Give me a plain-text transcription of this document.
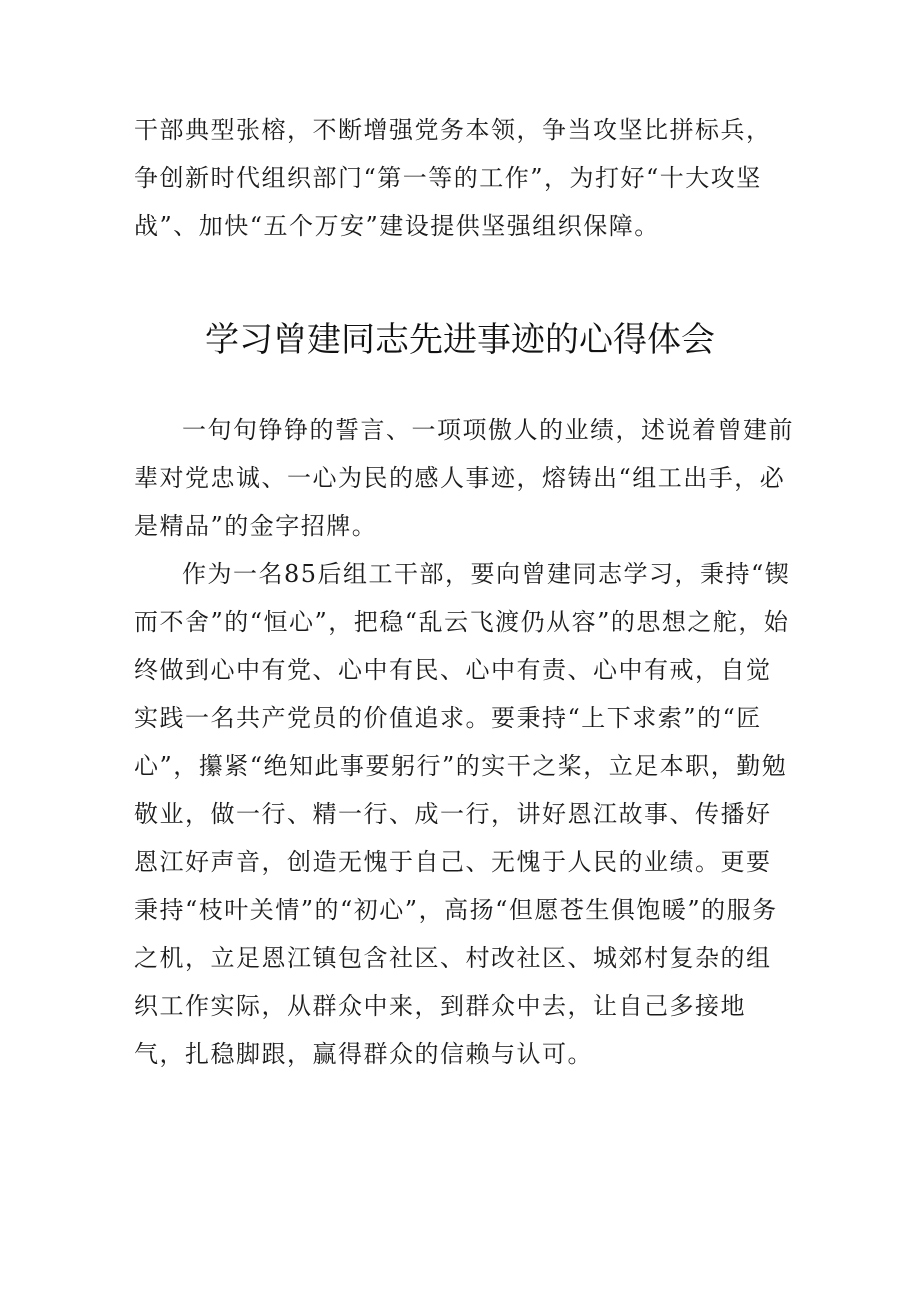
干部典型张榕，不断增强党务本领，争当攻坚比拼标兵，争创新时代组织部门“第一等的工作”，为打好“十大攻坚战”、加快“五个万安”建设提供坚强组织保障。

学习曾建同志先进事迹的心得体会

一句句铮铮的誓言、一项项傲人的业绩，述说着曾建前辈对党忠诚、一心为民的感人事迹，熔铸出“组工出手，必是精品”的金字招牌。

作为一名85后组工干部，要向曾建同志学习，秉持“锲而不舍”的“恒心”，把稳“乱云飞渡仍从容”的思想之舵，始终做到心中有党、心中有民、心中有责、心中有戒，自觉实践一名共产党员的价值追求。要秉持“上下求索”的“匠心”，攥紧“绝知此事要躬行”的实干之桨，立足本职，勤勉敬业，做一行、精一行、成一行，讲好恩江故事、传播好恩江好声音，创造无愧于自己、无愧于人民的业绩。更要秉持“枝叶关情”的“初心”，高扬“但愿苍生俱饱暖”的服务之机，立足恩江镇包含社区、村改社区、城郊村复杂的组织工作实际，从群众中来，到群众中去，让自己多接地气，扎稳脚跟，赢得群众的信赖与认可。
